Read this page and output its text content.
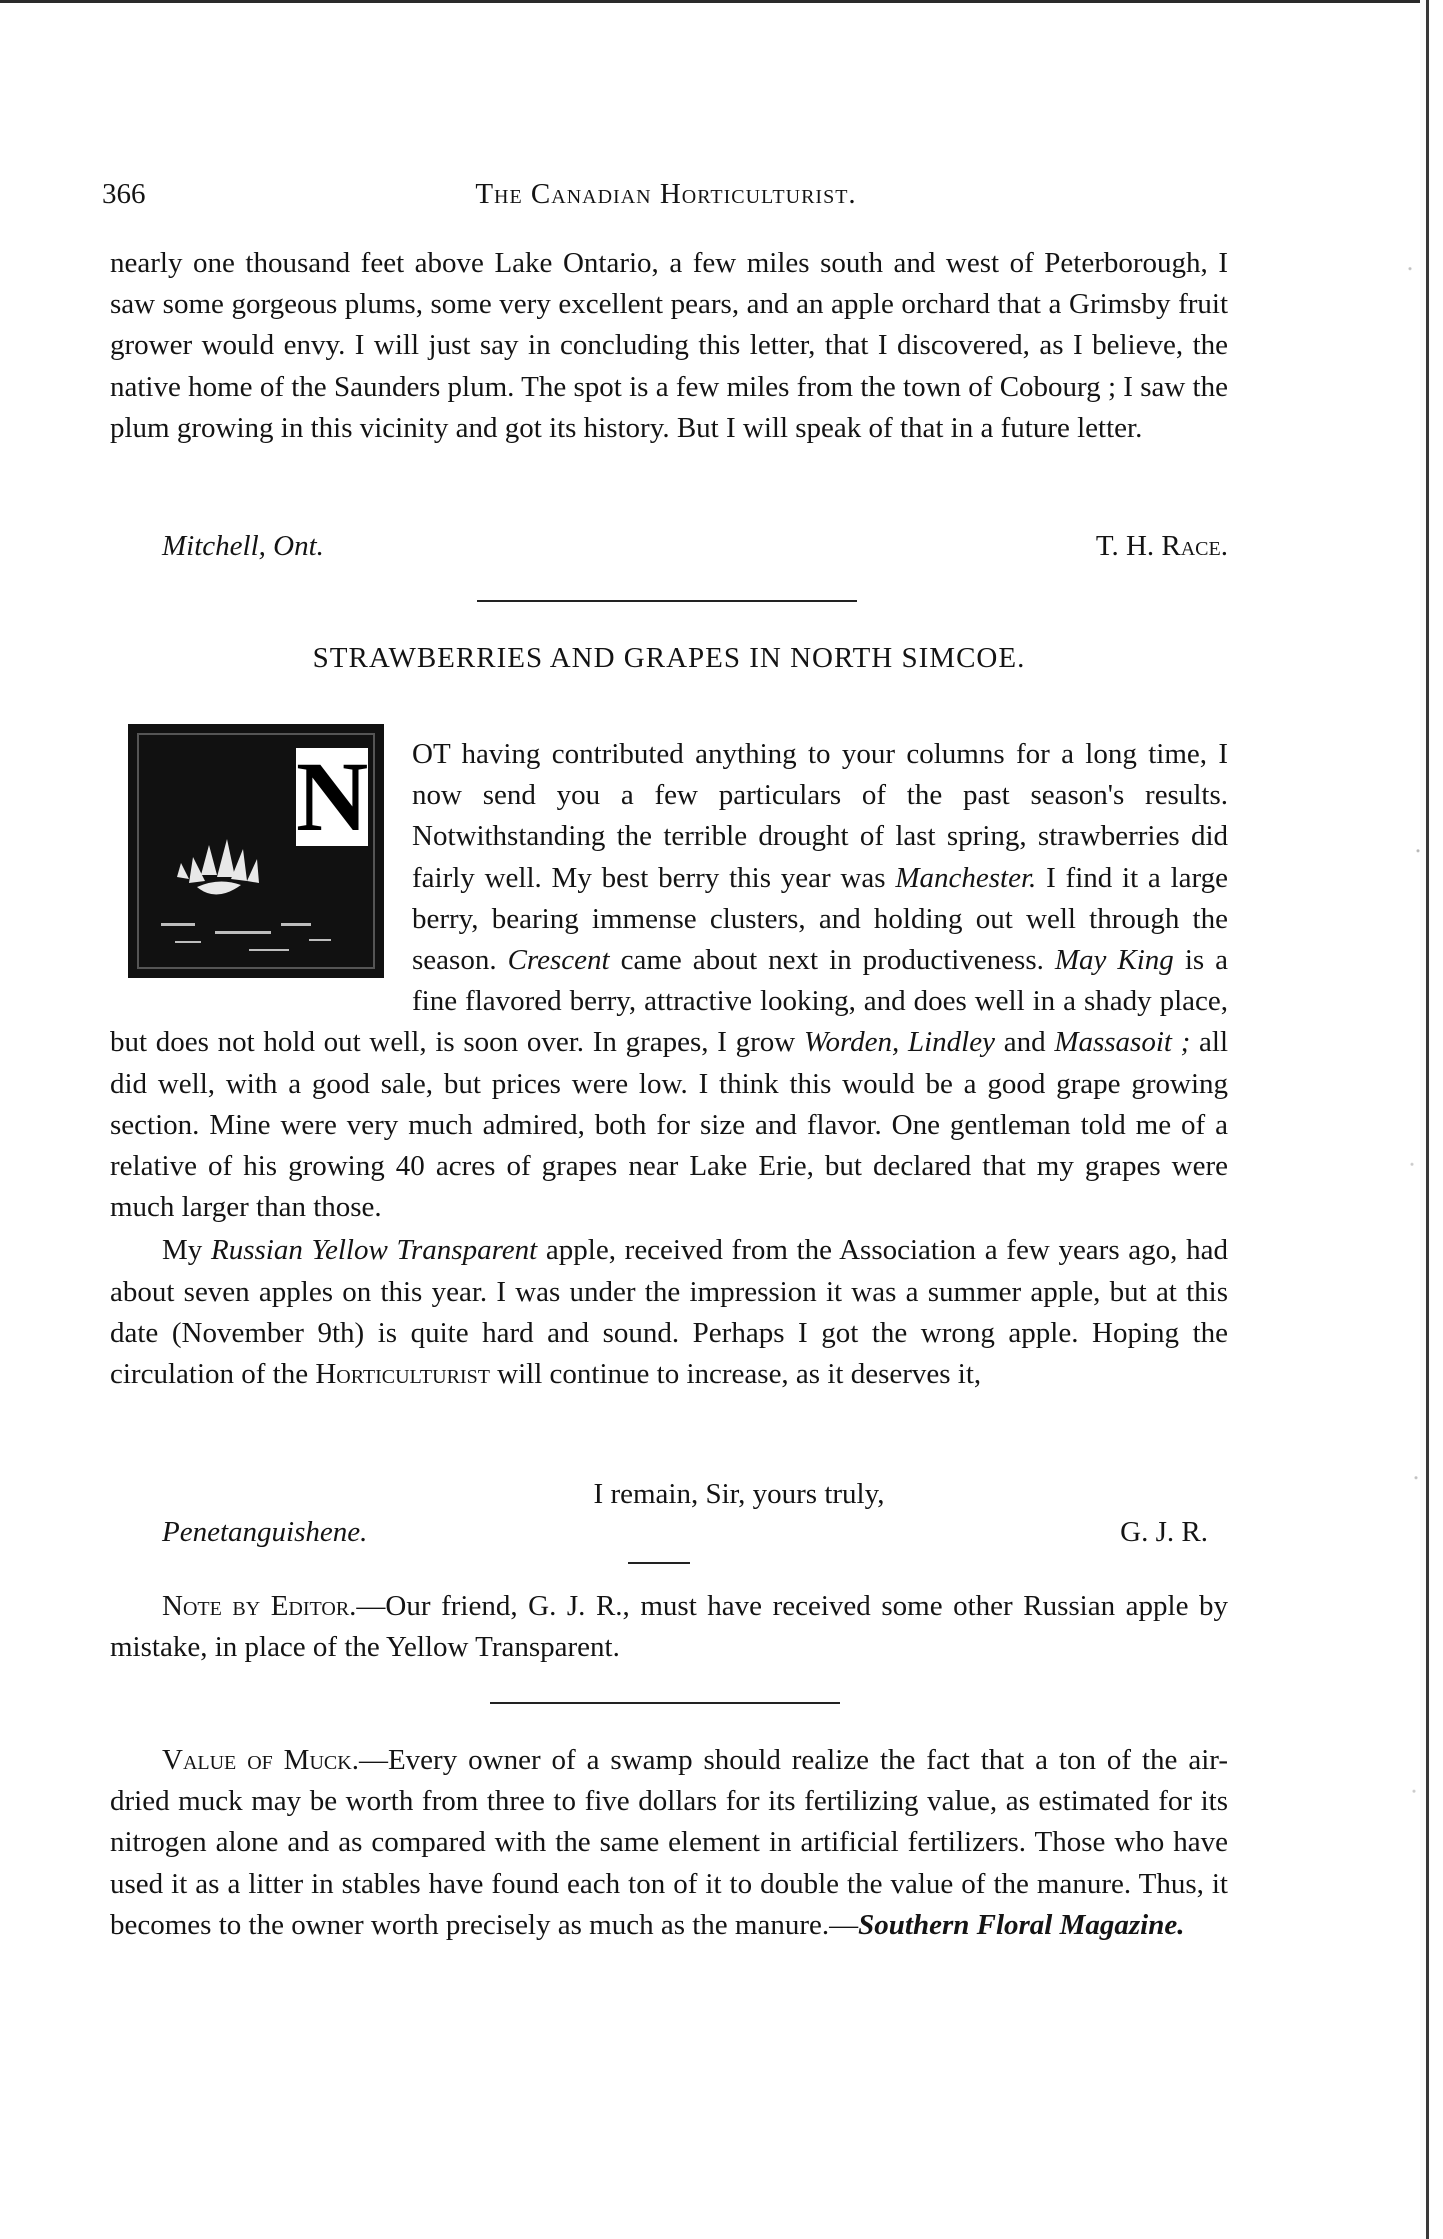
366	The Canadian Horticulturist.

nearly one thousand feet above Lake Ontario, a few miles south and west of Peterborough, I saw some gorgeous plums, some very excellent pears, and an apple orchard that a Grimsby fruit grower would envy. I will just say in concluding this letter, that I discovered, as I believe, the native home of the Saunders plum. The spot is a few miles from the town of Cobourg ; I saw the plum growing in this vicinity and got its history. But I will speak of that in a future letter.

Mitchell, Ont.	T. H. Race.
STRAWBERRIES AND GRAPES IN NORTH SIMCOE.
N	OT having contributed anything to your columns for a long time, I now send you a few particulars of the past season's results. Notwithstanding the terrible drought of last spring, strawberries did fairly well. My best berry this year was Manchester. I find it a large berry, bearing immense clusters, and holding out well through the season. Crescent came about next in productiveness. May King is a fine flavored berry, attractive looking, and does well in a shady place, but does not hold out well, is soon over. In grapes, I grow Worden, Lindley and Massasoit ; all did well, with a good sale, but prices were low. I think this would be a good grape growing section. Mine were very much admired, both for size and flavor. One gentleman told me of a relative of his growing 40 acres of grapes near Lake Erie, but declared that my grapes were much larger than those.

My Russian Yellow Transparent apple, received from the Association a few years ago, had about seven apples on this year. I was under the impression it was a summer apple, but at this date (November 9th) is quite hard and sound. Perhaps I got the wrong apple. Hoping the circulation of the Horticulturist will continue to increase, as it deserves it,

I remain, Sir, yours truly,
Penetanguishene.	G. J. R.

Note by Editor.—Our friend, G. J. R., must have received some other Russian apple by mistake, in place of the Yellow Transparent.

Value of Muck.—Every owner of a swamp should realize the fact that a ton of the air-dried muck may be worth from three to five dollars for its fertilizing value, as estimated for its nitrogen alone and as compared with the same element in artificial fertilizers. Those who have used it as a litter in stables have found each ton of it to double the value of the manure. Thus, it becomes to the owner worth precisely as much as the manure.—Southern Floral Magazine.
